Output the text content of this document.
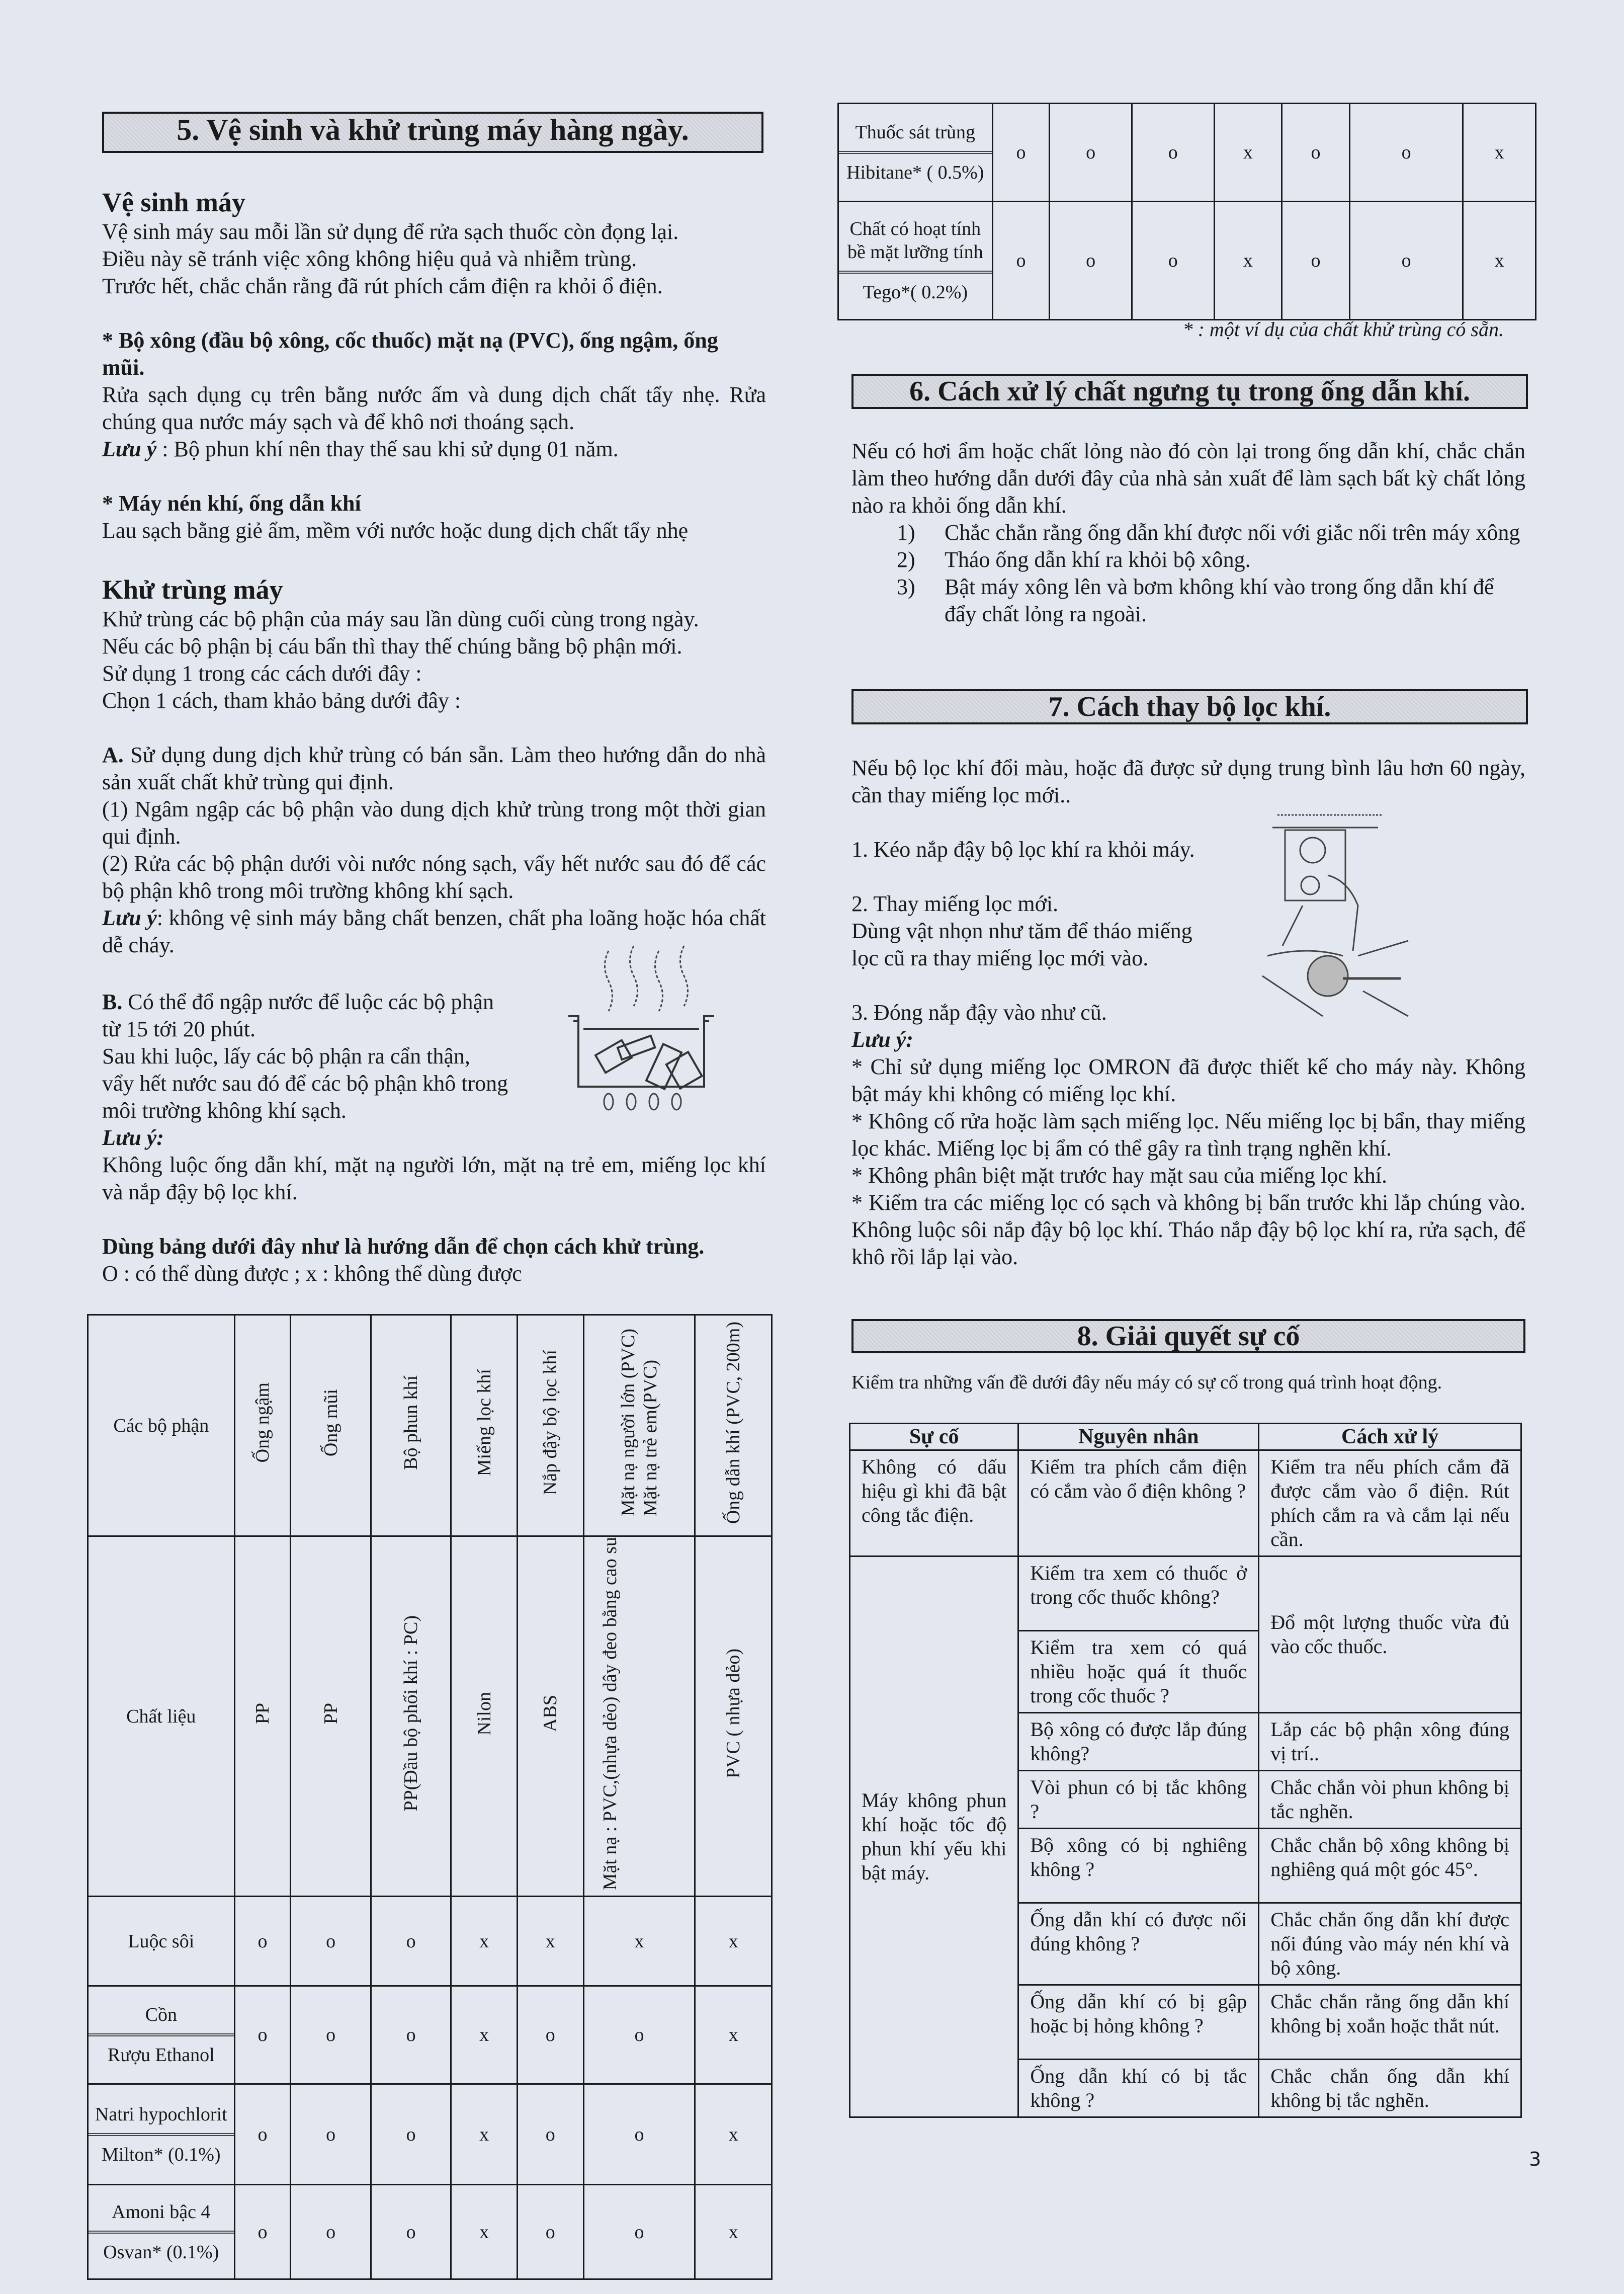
5. Vệ sinh và khử trùng máy hàng ngày.

Vệ sinh máy

Vệ sinh máy sau mỗi lần sử dụng để rửa sạch thuốc còn đọng lại.

Điều này sẽ tránh việc xông không hiệu quả và nhiễm trùng.

Trước hết, chắc chắn rằng đã rút phích cắm điện ra khỏi ổ điện.

* Bộ xông (đầu bộ xông, cốc thuốc) mặt nạ (PVC), ống ngậm, ống mũi.

Rửa sạch dụng cụ trên bằng nước ấm và dung dịch chất tẩy nhẹ. Rửa chúng qua nước máy sạch và để khô nơi thoáng sạch.

Lưu ý : Bộ phun khí nên thay thế sau khi sử dụng 01 năm.

* Máy nén khí, ống dẫn khí

Lau sạch bằng giẻ ẩm, mềm với nước hoặc dung dịch chất tẩy nhẹ

Khử trùng máy

Khử trùng các bộ phận của máy sau lần dùng cuối cùng trong ngày.

Nếu các bộ phận bị cáu bẩn thì thay thế chúng bằng bộ phận mới.

Sử dụng 1 trong các cách dưới đây :

Chọn 1 cách, tham khảo bảng dưới đây :

A. Sử dụng dung dịch khử trùng có bán sẵn. Làm theo hướng dẫn do nhà sản xuất chất khử trùng qui định.

(1) Ngâm ngập các bộ phận vào dung dịch khử trùng trong một thời gian qui định.

(2) Rửa các bộ phận dưới vòi nước nóng sạch, vẩy hết nước sau đó để các bộ phận khô trong môi trường không khí sạch.

Lưu ý: không vệ sinh máy bằng chất benzen, chất pha loãng hoặc hóa chất dễ cháy.

B. Có thể đổ ngập nước để luộc các bộ phận

từ 15 tới 20 phút.

Sau khi luộc, lấy các bộ phận ra cẩn thận,

vẩy hết nước sau đó để các bộ phận khô trong

môi trường không khí sạch.

Lưu ý:

Không luộc ống dẫn khí, mặt nạ người lớn, mặt nạ trẻ em, miếng lọc khí và nắp đậy bộ lọc khí.

Dùng bảng dưới đây như là hướng dẫn để chọn cách khử trùng.

O : có thể dùng được ; x : không thể dùng được

Các bộ phận	Ống ngậm	Ống mũi	Bộ phun khí	Miếng lọc khí	Nắp đậy bộ lọc khí	Mặt nạ người lớn (PVC)
Mặt nạ trẻ em(PVC)	Ống dẫn khí (PVC, 200m)
Chất liệu	PP	PP	PP(Đầu bộ phối khí : PC)	Nilon	ABS	Mặt nạ : PVC,(nhựa dẻo) dây đeo bằng cao su	PVC ( nhựa dẻo)

Luộc sôi	o	o	o	x	x	x	x

Cồn
Rượu Ethanol	o	o	o	x	o	o	x

Natri hypochlorit
Milton* (0.1%)	o	o	o	x	o	o	x

Amoni bậc 4
Osvan* (0.1%)	o	o	o	x	o	o	x
Thuốc sát trùng
Hibitane* ( 0.5%)	o	o	o	x	o	o	x

Chất có hoạt tính bề mặt lưỡng tính
Tego*( 0.2%)	o	o	o	x	o	o	x
* : một ví dụ của chất khử trùng có sẵn.
6. Cách xử lý chất ngưng tụ trong ống dẫn khí.

Nếu có hơi ẩm hoặc chất lỏng nào đó còn lại trong ống dẫn khí, chắc chắn làm theo hướng dẫn dưới đây của nhà sản xuất để làm sạch bất kỳ chất lỏng nào ra khỏi ống dẫn khí.

1)	Chắc chắn rằng ống dẫn khí được nối với giắc nối trên máy xông
2)	Tháo ống dẫn khí ra khỏi bộ xông.
3)	Bật máy xông lên và bơm không khí vào trong ống dẫn khí để đẩy chất lỏng ra ngoài.
7. Cách thay bộ lọc khí.

Nếu bộ lọc khí đổi màu, hoặc đã được sử dụng trung bình lâu hơn 60 ngày, cần thay miếng lọc mới..

1. Kéo nắp đậy bộ lọc khí ra khỏi máy.

2. Thay miếng lọc mới.

Dùng vật nhọn như tăm để tháo miếng

lọc cũ ra thay miếng lọc mới vào.

3. Đóng nắp đậy vào như cũ.

Lưu ý:

* Chỉ sử dụng miếng lọc OMRON đã được thiết kế cho máy này. Không bật máy khi không có miếng lọc khí.

* Không cố rửa hoặc làm sạch miếng lọc. Nếu miếng lọc bị bẩn, thay miếng lọc khác. Miếng lọc bị ẩm có thể gây ra tình trạng nghẽn khí.

* Không phân biệt mặt trước hay mặt sau của miếng lọc khí.

* Kiểm tra các miếng lọc có sạch và không bị bẩn trước khi lắp chúng vào. Không luộc sôi nắp đậy bộ lọc khí. Tháo nắp đậy bộ lọc khí ra, rửa sạch, để khô rồi lắp lại vào.

8. Giải quyết sự cố

Kiểm tra những vấn đề dưới đây nếu máy có sự cố trong quá trình hoạt động.

Sự cố	Nguyên nhân	Cách xử lý
Không có dấu hiệu gì khi đã bật công tắc điện.	Kiểm tra phích cắm điện có cắm vào ổ điện không ?	Kiểm tra nếu phích cắm đã được cắm vào ổ điện. Rút phích cắm ra và cắm lại nếu cần.
Máy không phun khí hoặc tốc độ phun khí yếu khi bật máy.	Kiểm tra xem có thuốc ở trong cốc thuốc không?	Đổ một lượng thuốc vừa đủ vào cốc thuốc.
	Kiểm tra xem có quá nhiều hoặc quá ít thuốc trong cốc thuốc ?	
	Bộ xông có được lắp đúng không?	Lắp các bộ phận xông đúng vị trí..
	Vòi phun có bị tắc không ?	Chắc chắn vòi phun không bị tắc nghẽn.
	Bộ xông có bị nghiêng không ?	Chắc chắn bộ xông không bị nghiêng quá một góc 45°.
	Ống dẫn khí có được nối đúng không ?	Chắc chắn ống dẫn khí được nối đúng vào máy nén khí và bộ xông.
	Ống dẫn khí có bị gập hoặc bị hỏng không ?	Chắc chắn rằng ống dẫn khí không bị xoắn hoặc thắt nút.
	Ống dẫn khí có bị tắc không ?	Chắc chắn ống dẫn khí không bị tắc nghẽn.
3
